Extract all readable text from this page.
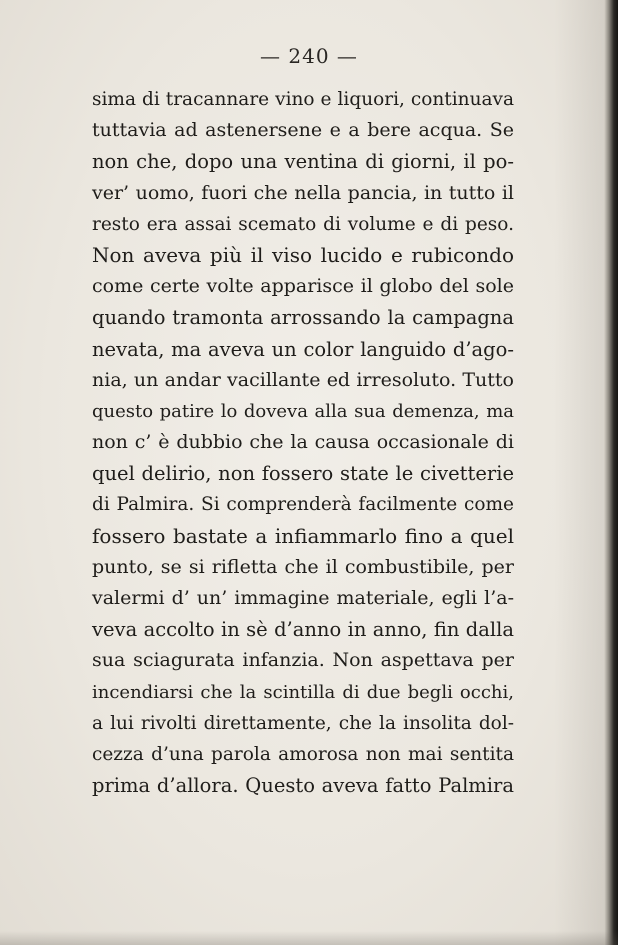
— 240 —
sima di tracannare vino e liquori, continuava
tuttavia ad astenersene e a bere acqua. Se
non che, dopo una ventina di giorni, il po-
ver’ uomo, fuori che nella pancia, in tutto il
resto era assai scemato di volume e di peso.
Non aveva più il viso lucido e rubicondo
come certe volte apparisce il globo del sole
quando tramonta arrossando la campagna
nevata, ma aveva un color languido d’ago-
nia, un andar vacillante ed irresoluto. Tutto
questo patire lo doveva alla sua demenza, ma
non c’ è dubbio che la causa occasionale di
quel delirio, non fossero state le civetterie
di Palmira. Si comprenderà facilmente come
fossero bastate a infiammarlo fino a quel
punto, se si rifletta che il combustibile, per
valermi d’ un’ immagine materiale, egli l’a-
veva accolto in sè d’anno in anno, fin dalla
sua sciagurata infanzia. Non aspettava per
incendiarsi che la scintilla di due begli occhi,
a lui rivolti direttamente, che la insolita dol-
cezza d’una parola amorosa non mai sentita
prima d’allora. Questo aveva fatto Palmira
